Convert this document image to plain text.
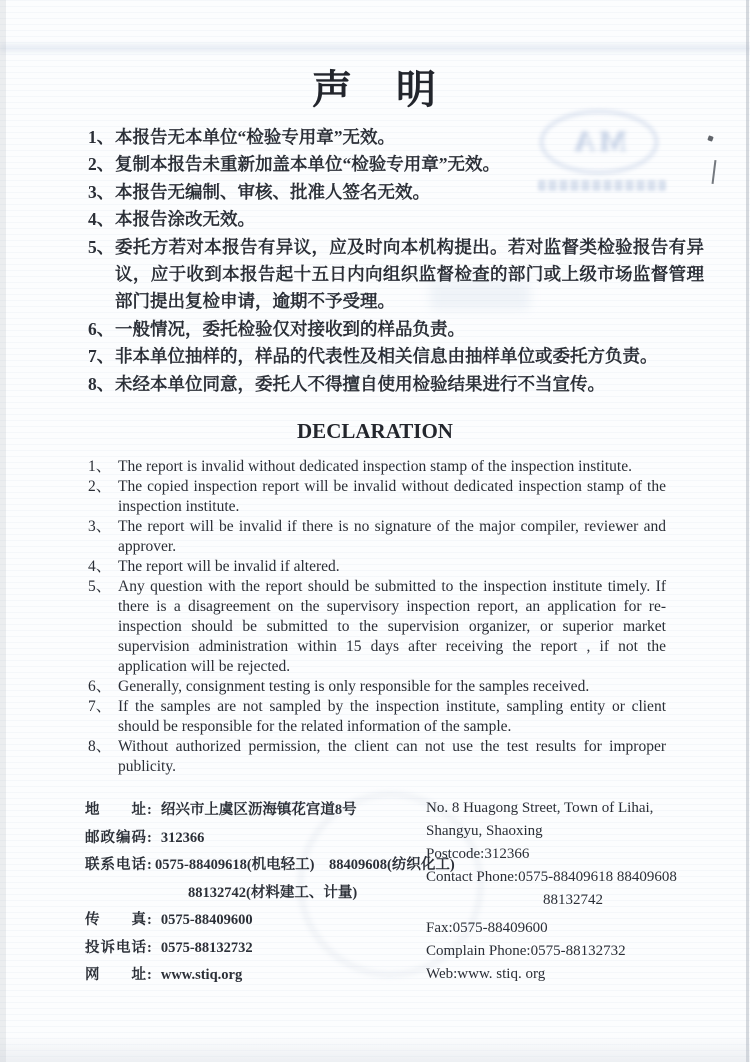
MA
声　明
1、 本报告无本单位“检验专用章”无效。
2、 复制本报告未重新加盖本单位“检验专用章”无效。
3、 本报告无编制、审核、批准人签名无效。
4、 本报告涂改无效。
5、 委托方若对本报告有异议，应及时向本机构提出。若对监督类检验报告有异议，应于收到本报告起十五日内向组织监督检查的部门或上级市场监督管理部门提出复检申请，逾期不予受理。
6、 一般情况，委托检验仅对接收到的样品负责。
7、 非本单位抽样的，样品的代表性及相关信息由抽样单位或委托方负责。
8、 未经本单位同意，委托人不得擅自使用检验结果进行不当宣传。
DECLARATION
1、 The report is invalid without dedicated inspection stamp of the inspection institute.
2、 The copied inspection report will be invalid without dedicated inspection stamp of the inspection institute.
3、 The report will be invalid if there is no signature of the major compiler, reviewer and approver.
4、 The report will be invalid if altered.
5、 Any question with the report should be submitted to the inspection institute timely. If there is a disagreement on the supervisory inspection report, an application for re-inspection should be submitted to the supervision organizer, or superior market supervision administration within 15 days after receiving the report , if not the application will be rejected.
6、 Generally, consignment testing is only responsible for the samples received.
7、 If the samples are not sampled by the inspection institute, sampling entity or client should be responsible for the related information of the sample.
8、 Without authorized permission, the client can not use the test results for improper publicity.
地　　址: 绍兴市上虞区沥海镇花宫道8号
邮政编码: 312366
联系电话: 0575-88409618(机电轻工)　88409608(纺织化工)
88132742(材料建工、计量)
传　　真: 0575-88409600
投诉电话: 0575-88132732
网　　址: www.stiq.org
No. 8 Huagong Street, Town of Lihai,
Shangyu, Shaoxing
Postcode:312366
Contact Phone:0575-88409618 88409608
88132742
Fax:0575-88409600
Complain Phone:0575-88132732
Web:www. stiq. org
